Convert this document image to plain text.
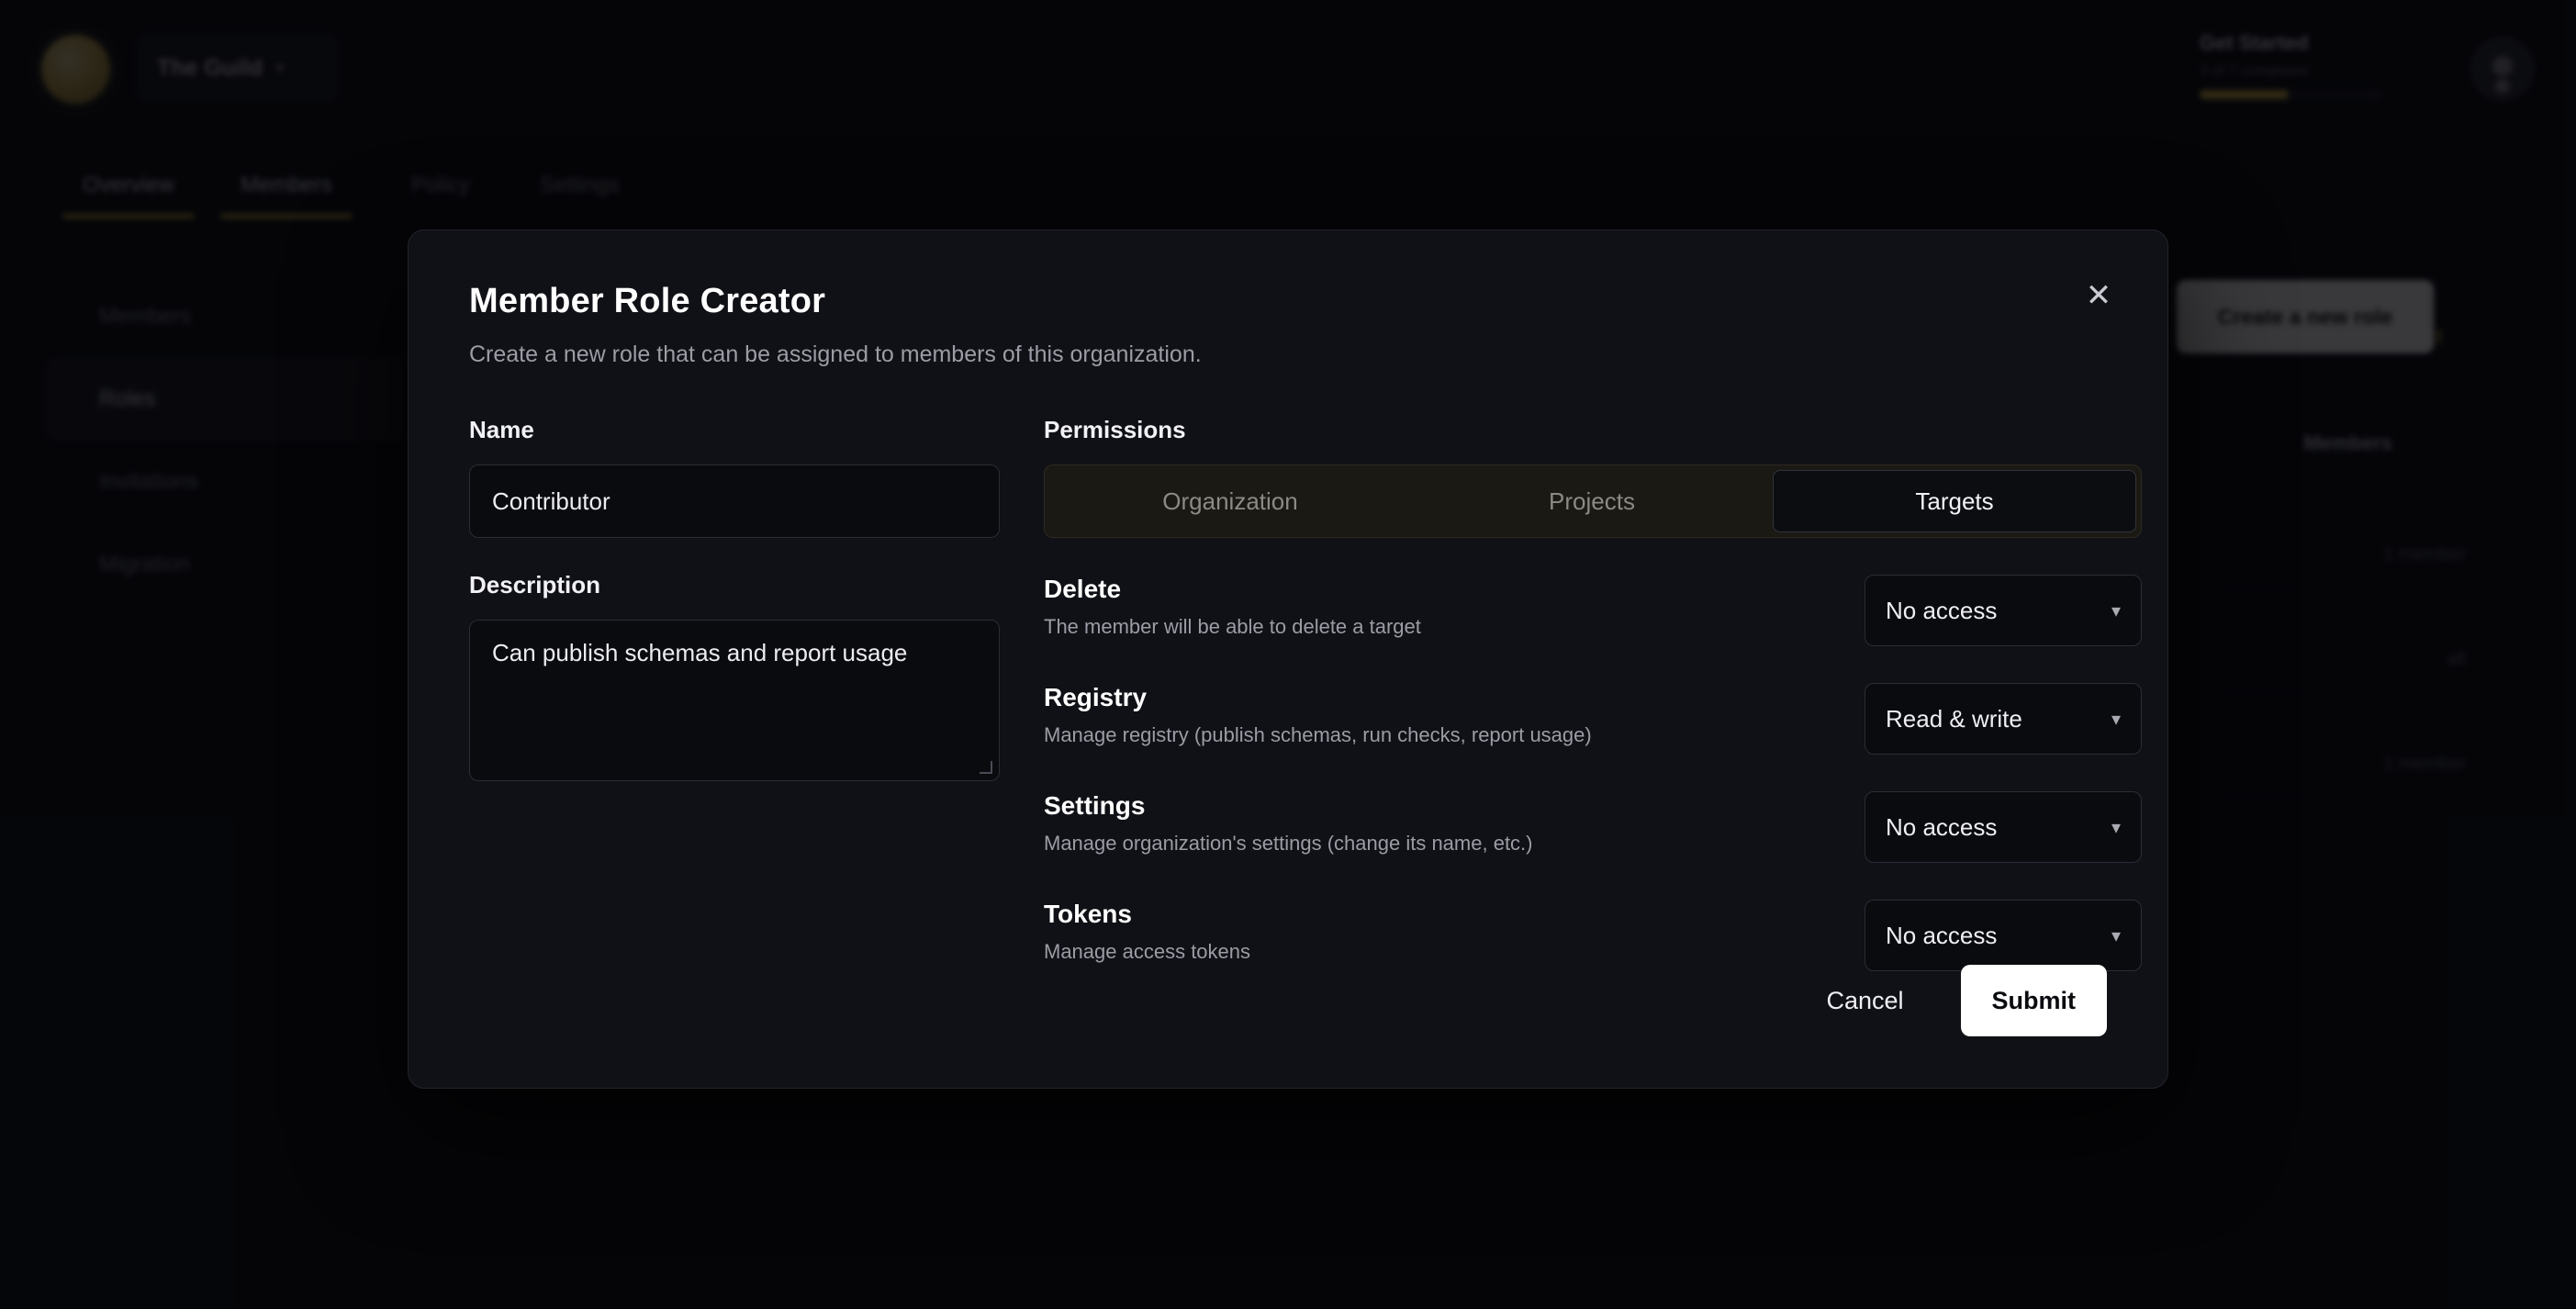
✕
Member Role Creator
Create a new role that can be assigned to members of this organization.
Name
Contributor
Description
Can publish schemas and report usage
Permissions
Organization	Projects	Targets
Delete
The member will be able to delete a target
No access	▾
Registry
Manage registry (publish schemas, run checks, report usage)
Read & write	▾
Settings
Manage organization's settings (change its name, etc.)
No access	▾
Tokens
Manage access tokens
No access	▾
Cancel	Submit
